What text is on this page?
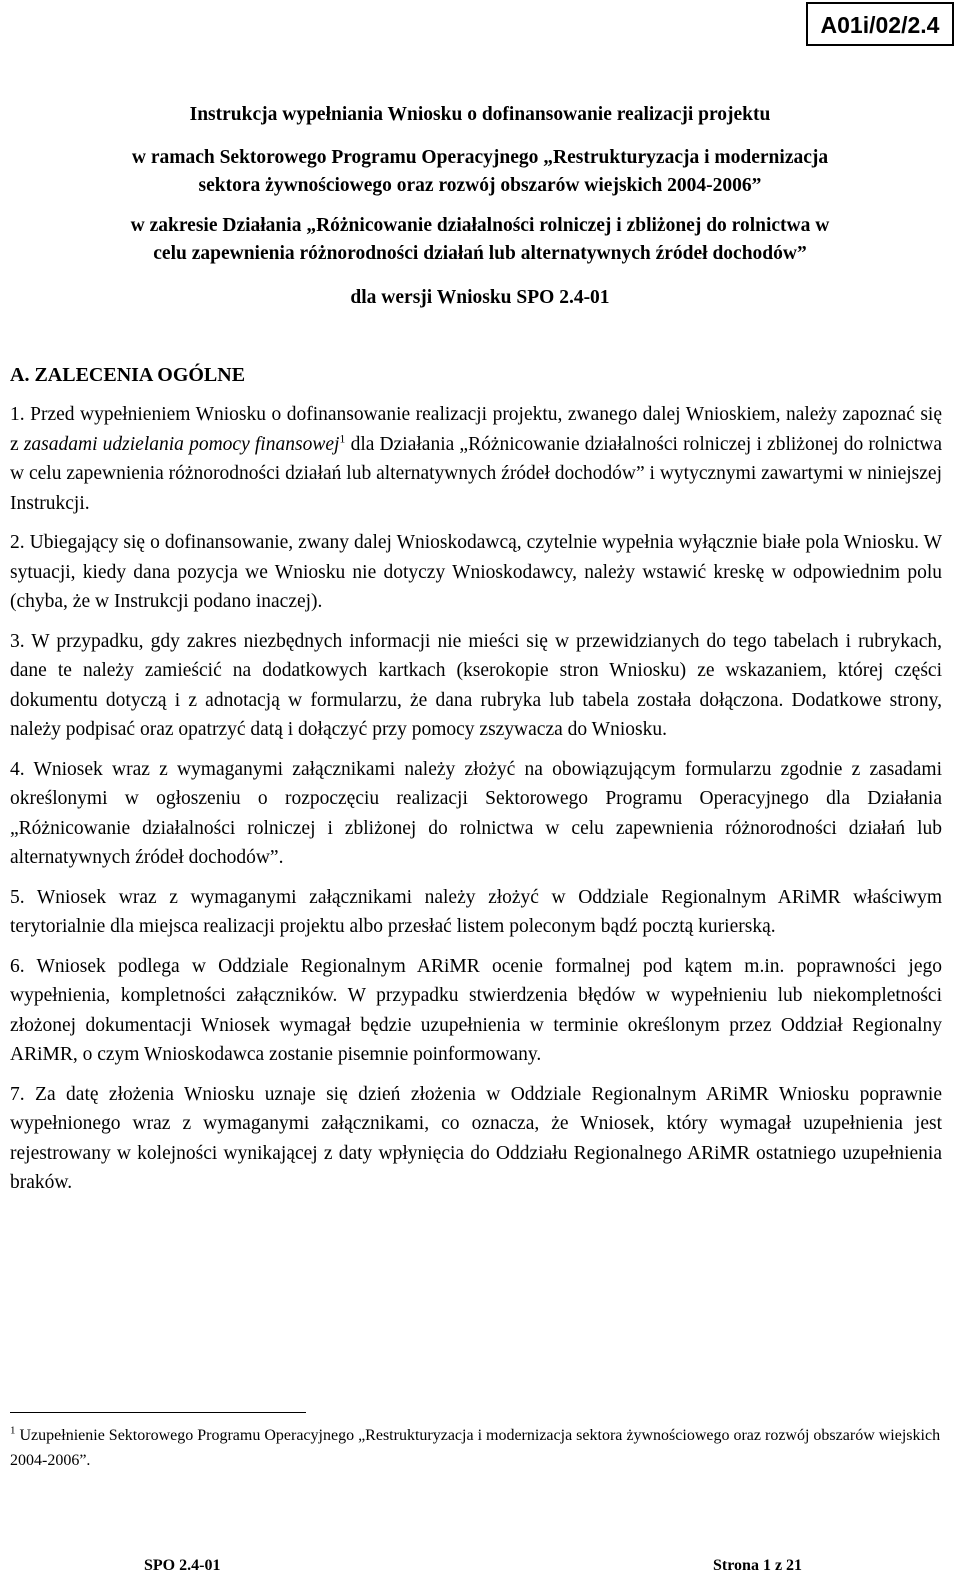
A01i/02/2.4

Instrukcja wypełniania Wniosku o dofinansowanie realizacji projektu

w ramach Sektorowego Programu Operacyjnego „Restrukturyzacja i modernizacja

sektora żywnościowego oraz rozwój obszarów wiejskich 2004-2006”

w zakresie Działania „Różnicowanie działalności rolniczej i zbliżonej do rolnictwa w

celu zapewnienia różnorodności działań lub alternatywnych źródeł dochodów”

dla wersji Wniosku SPO 2.4-01

A. ZALECENIA OGÓLNE

1. Przed wypełnieniem Wniosku o dofinansowanie realizacji projektu, zwanego dalej Wnioskiem, należy zapoznać się z zasadami udzielania pomocy finansowej$^1$ dla Działania „Różnicowanie działalności rolniczej i zbliżonej do rolnictwa w celu zapewnienia różnorodności działań lub alternatywnych źródeł dochodów” i wytycznymi zawartymi w niniejszej Instrukcji.

2. Ubiegający się o dofinansowanie, zwany dalej Wnioskodawcą, czytelnie wypełnia wyłącznie białe pola Wniosku. W sytuacji, kiedy dana pozycja we Wniosku nie dotyczy Wnioskodawcy, należy wstawić kreskę w odpowiednim polu (chyba, że w Instrukcji podano inaczej).

3. W przypadku, gdy zakres niezbędnych informacji nie mieści się w przewidzianych do tego tabelach i rubrykach, dane te należy zamieścić na dodatkowych kartkach (kserokopie stron Wniosku) ze wskazaniem, której części dokumentu dotyczą i z adnotacją w formularzu, że dana rubryka lub tabela została dołączona. Dodatkowe strony, należy podpisać oraz opatrzyć datą i dołączyć przy pomocy zszywacza do Wniosku.

4. Wniosek wraz z wymaganymi załącznikami należy złożyć na obowiązującym formularzu zgodnie z zasadami określonymi w ogłoszeniu o rozpoczęciu realizacji Sektorowego Programu Operacyjnego dla Działania „Różnicowanie działalności rolniczej i zbliżonej do rolnictwa w celu zapewnienia różnorodności działań lub alternatywnych źródeł dochodów”.

5. Wniosek wraz z wymaganymi załącznikami należy złożyć w Oddziale Regionalnym ARiMR właściwym terytorialnie dla miejsca realizacji projektu albo przesłać listem poleconym bądź pocztą kurierską.

6. Wniosek podlega w Oddziale Regionalnym ARiMR ocenie formalnej pod kątem m.in. poprawności jego wypełnienia, kompletności załączników. W przypadku stwierdzenia błędów w wypełnieniu lub niekompletności złożonej dokumentacji Wniosek wymagał będzie uzupełnienia w terminie określonym przez Oddział Regionalny ARiMR, o czym Wnioskodawca zostanie pisemnie poinformowany.

7. Za datę złożenia Wniosku uznaje się dzień złożenia w Oddziale Regionalnym ARiMR Wniosku poprawnie wypełnionego wraz z wymaganymi załącznikami, co oznacza, że Wniosek, który wymagał uzupełnienia jest rejestrowany w kolejności wynikającej z daty wpłynięcia do Oddziału Regionalnego ARiMR ostatniego uzupełnienia braków.

$^1$ Uzupełnienie Sektorowego Programu Operacyjnego „Restrukturyzacja i modernizacja sektora żywnościowego oraz rozwój obszarów wiejskich 2004-2006”.

SPO 2.4-01	Strona 1 z 21
